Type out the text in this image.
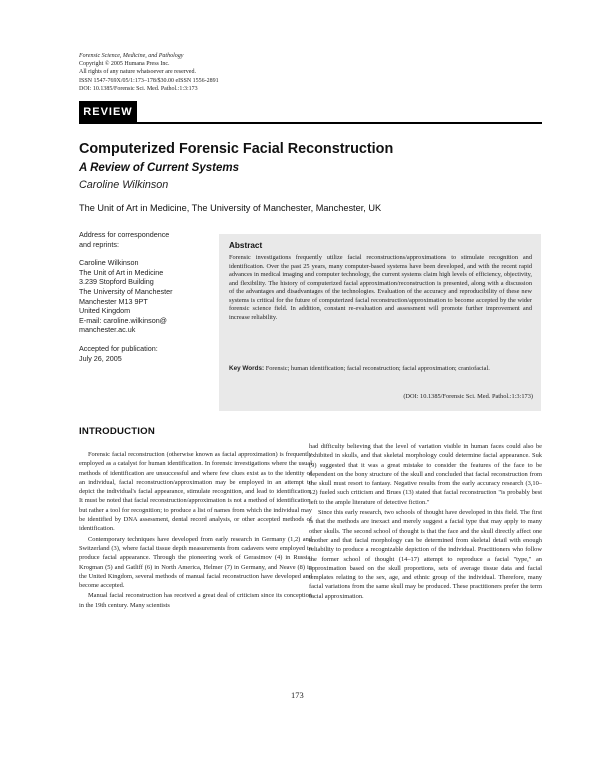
Forensic Science, Medicine, and Pathology
Copyright © 2005 Humana Press Inc.
All rights of any nature whatsoever are reserved.
ISSN 1547-769X/05/1:173–178/$30.00 eISSN 1556-2891
DOI: 10.1385/Forensic Sci. Med. Pathol.:1:3:173
REVIEW
Computerized Forensic Facial Reconstruction
A Review of Current Systems
Caroline Wilkinson
The Unit of Art in Medicine, The University of Manchester, Manchester, UK
Address for correspondence
and reprints:
Caroline Wilkinson
The Unit of Art in Medicine
3.239 Stopford Building
The University of Manchester
Manchester M13 9PT
United Kingdom
E-mail: caroline.wilkinson@
manchester.ac.uk
Accepted for publication:
July 26, 2005
Abstract
Forensic investigations frequently utilize facial reconstructions/approximations to stimulate recognition and identification. Over the past 25 years, many computer-based systems have been developed, and with the recent rapid advances in medical imaging and computer technology, the current systems claim high levels of efficiency, objectivity, and flexibility. The history of computerized facial approximation/reconstruction is presented, along with a discussion of the advantages and disadvantages of the technologies. Evaluation of the accuracy and reproducibility of these new systems is critical for the future of computerized facial reconstruction/approximation to become accepted by the wider forensic science field. In addition, constant re-evaluation and assessment will promote further improvement and increase reliability.
Key Words: Forensic; human identification; facial reconstruction; facial approximation; craniofacial.
(DOI: 10.1385/Forensic Sci. Med. Pathol.:1:3:173)
INTRODUCTION

Forensic facial reconstruction (otherwise known as facial approximation) is frequently employed as a catalyst for human identification. In forensic investigations where the usual methods of identification are unsuccessful and where few clues exist as to the identity of an individual, facial reconstruction/approximation may be employed in an attempt to depict the individual's facial appearance, stimulate recognition, and lead to identification. It must be noted that facial reconstruction/approximation is not a method of identification, but rather a tool for recognition; to produce a list of names from which the individual may be identified by DNA assessment, dental record analysis, or other accepted methods of identification.

Contemporary techniques have developed from early research in Germany (1,2) and Switzerland (3), where facial tissue depth measurements from cadavers were employed to produce facial appearance. Through the pioneering work of Gerasimov (4) in Russia, Krogman (5) and Gatliff (6) in North America, Helmer (7) in Germany, and Neave (8) in the United Kingdom, several methods of manual facial reconstruction have developed and become accepted.

Manual facial reconstruction has received a great deal of criticism since its conception in the 19th century. Many scientists

had difficulty believing that the level of variation visible in human faces could also be exhibited in skulls, and that skeletal morphology could determine facial appearance. Suk (9) suggested that it was a great mistake to consider the features of the face to be dependent on the bony structure of the skull and concluded that facial reconstruction from the skull must resort to fantasy. Negative results from the early accuracy research (3,10–12) fueled such criticism and Brues (13) stated that facial reconstruction "is probably best left to the ample literature of detective fiction."

Since this early research, two schools of thought have developed in this field. The first is that the methods are inexact and merely suggest a facial type that may apply to many other skulls. The second school of thought is that the face and the skull directly affect one another and that facial morphology can be determined from skeletal detail with enough reliability to produce a recognizable depiction of the individual. Practitioners who follow the former school of thought (14–17) attempt to reproduce a facial "type," an approximation based on the skull proportions, sets of average tissue data and facial templates relating to the sex, age, and ethnic group of the individual. Therefore, many facial variations from the same skull may be produced. These practitioners prefer the term facial approximation.

173
